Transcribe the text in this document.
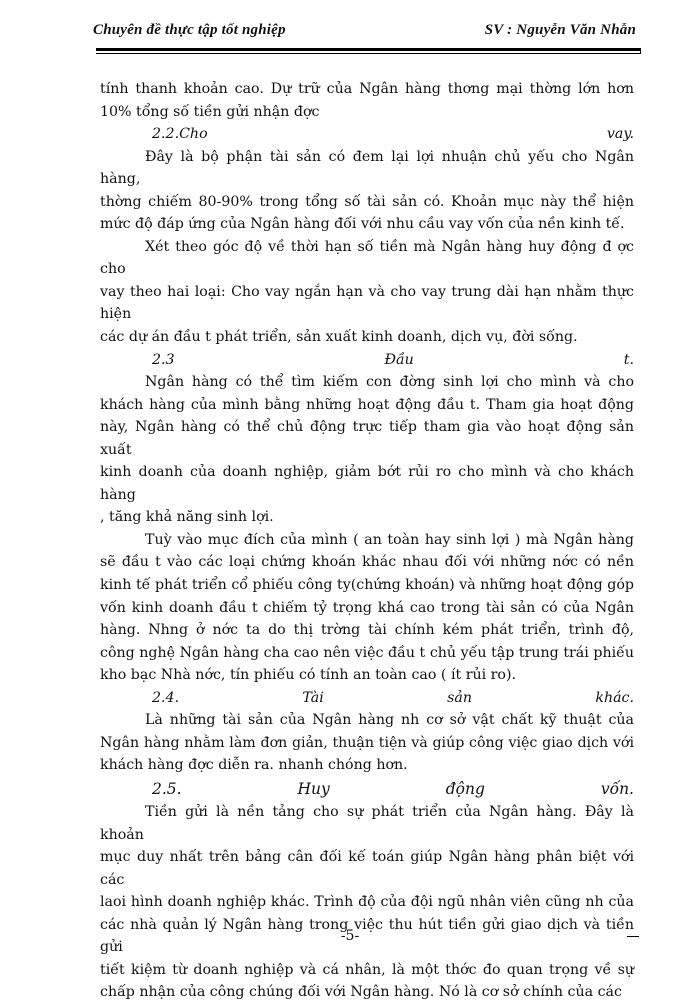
Chuyên đề thực tập tốt nghiệp	SV : Nguyễn Văn Nhẫn

tính thanh khoản cao. Dự trữ của Ngân hàng thơng mại thờng lớn hơn

10% tổng số tiền gửi nhận đợc

2.2.Cho vay.

Đây là bộ phận tài sản có đem lại lợi nhuận chủ yếu cho Ngân hàng,

thờng chiếm 80-90% trong tổng số tài sản có. Khoản mục này thể hiện

mức độ đáp ứng của Ngân hàng đối với nhu cầu vay vốn của nền kinh tế.

Xét theo góc độ về thời hạn số tiền mà Ngân hàng huy động đ ợc cho

vay theo hai loại: Cho vay ngắn hạn và cho vay trung dài hạn nhằm thực hiện

các dự án đầu t phát triển, sản xuất kinh doanh, dịch vụ, đời sống.

2.3 Đầu t.

Ngân hàng có thể tìm kiếm con đờng sinh lợi cho mình và cho

khách hàng của mình bằng những hoạt động đầu t. Tham gia hoạt động

này, Ngân hàng có thể chủ động trực tiếp tham gia vào hoạt động sản xuất

kinh doanh của doanh nghiệp, giảm bớt rủi ro cho mình và cho khách hàng

, tăng khả năng sinh lợi.

Tuỳ vào mục đích của mình ( an toàn hay sinh lợi ) mà Ngân hàng

sẽ đầu t vào các loại chứng khoán khác nhau đối với những nớc có nền

kinh tế phát triển cổ phiếu công ty(chứng khoán) và những hoạt động góp

vốn kinh doanh đầu t chiếm tỷ trọng khá cao trong tài sản có của Ngân

hàng. Nhng ở nớc ta do thị trờng tài chính kém phát triển, trình độ,

công nghệ Ngân hàng cha cao nên việc đầu t chủ yếu tập trung trái phiếu

kho bạc Nhà nớc, tín phiếu có tính an toàn cao ( ít rủi ro).

2.4. Tài sản khác.

Là những tài sản của Ngân hàng nh cơ sở vật chất kỹ thuật của

Ngân hàng nhằm làm đơn giản, thuận tiện và giúp công việc giao dịch với

khách hàng đợc diễn ra. nhanh chóng hơn.

2.5. Huy động vốn.

Tiền gửi là nền tảng cho sự phát triển của Ngân hàng. Đây là khoản

mục duy nhất trên bảng cân đối kế toán giúp Ngân hàng phân biệt với các

laoi hình doanh nghiệp khác. Trình độ của đội ngũ nhân viên cũng nh của

các nhà quản lý Ngân hàng trong việc thu hút tiền gửi giao dịch và tiền gửi

tiết kiệm từ doanh nghiệp và cá nhân, là một thớc đo quan trọng về sự

chấp nhận của công chúng đối với Ngân hàng. Nó là cơ sở chính của các

-5-
